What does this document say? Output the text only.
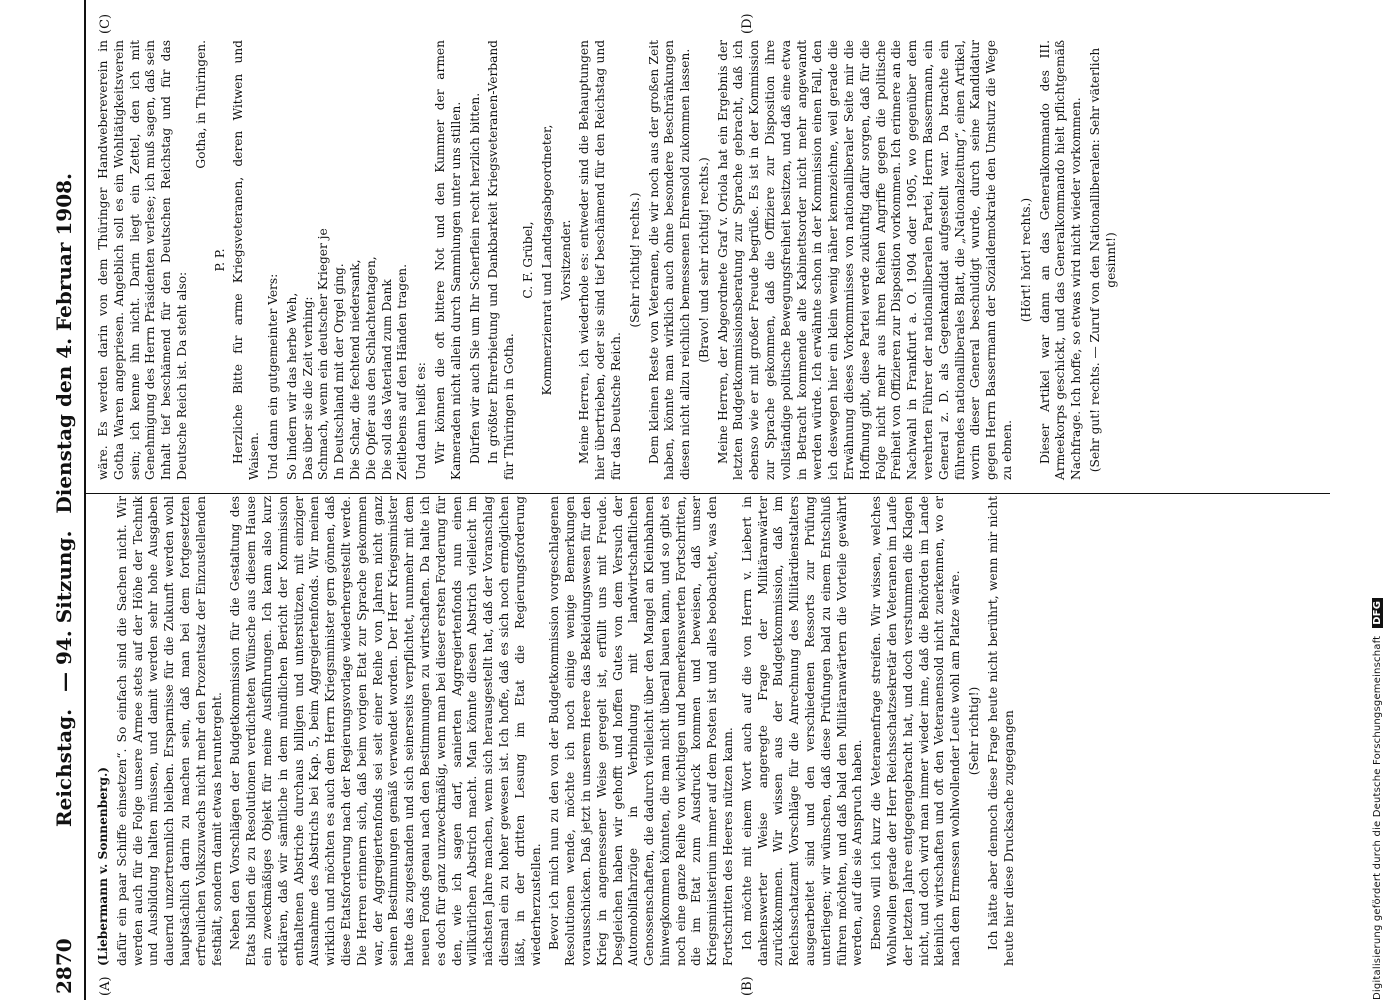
2870
Reichstag. — 94. Sitzung. Dienstag den 4. Februar 1908.
(A)	(B)
(C)	(D)

(Liebermann v. Sonnenberg.) dafür ein paar Schiffe einsetzen“. So einfach sind die Sachen nicht. Wir werden auch für die Folge unsere Armee stets auf der Höhe der Technik und Ausbildung halten müssen, und damit werden sehr hohe Ausgaben dauernd unzertrennlich bleiben. Ersparnisse für die Zukunft werden wohl hauptsächlich darin zu machen sein, daß man bei dem fortgesetzten erfreulichen Volkszuwachs nicht mehr den Prozentsatz der Einzustellenden festhält, sondern damit etwas heruntergeht. Neben den Vorschlägen der Budgetkommission für die Gestaltung des Etats bilden die zu Resolutionen verdichteten Wünsche aus diesem Hause ein zweckmäßiges Objekt für meine Ausführungen. Ich kann also kurz erklären, daß wir sämtliche in dem mündlichen Bericht der Kommission enthaltenen Abstriche durchaus billigen und unterstützen, mit einziger Ausnahme des Abstrichs bei Kap. 5, beim Aggregiertenfonds. Wir meinen wirklich und möchten es auch dem Herrn Kriegsminister gern gönnen, daß diese Etatsforderung nach der Regierungsvorlage wiederhergestellt werde. Die Herren erinnern sich, daß beim vorigen Etat zur Sprache gekommen war, der Aggregiertenfonds sei seit einer Reihe von Jahren nicht ganz seinen Bestimmungen gemäß verwendet worden. Der Herr Kriegsminister hatte das zugestanden und sich seinerseits verpflichtet, nunmehr mit dem neuen Fonds genau nach den Bestimmungen zu wirtschaften. Da halte ich es doch für ganz unzweckmäßig, wenn man bei dieser ersten Forderung für den, wie ich sagen darf, sanierten Aggregiertenfonds nun einen willkürlichen Abstrich macht. Man könnte diesen Abstrich vielleicht im nächsten Jahre machen, wenn sich herausgestellt hat, daß der Voranschlag diesmal ein zu hoher gewesen ist. Ich hoffe, daß es sich noch ermöglichen läßt, in der dritten Lesung im Etat die Regierungsforderung wiederherzustellen. Bevor ich mich nun zu den von der Budgetkommission vorgeschlagenen Resolutionen wende, möchte ich noch einige wenige Bemerkungen vorausschicken. Daß jetzt in unserem Heere das Bekleidungswesen für den Krieg in angemessener Weise geregelt ist, erfüllt uns mit Freude. Desgleichen haben wir gehofft und hoffen Gutes von dem Versuch der Automobilfahrzüge in Verbindung mit landwirtschaftlichen Genossenschaften, die dadurch vielleicht über den Mangel an Kleinbahnen hinwegkommen könnten, die man nicht überall bauen kann, und so gibt es noch eine ganze Reihe von wichtigen und bemerkenswerten Fortschritten, die im Etat zum Ausdruck kommen und beweisen, daß unser Kriegsministerium immer auf dem Posten ist und alles beobachtet, was den Fortschritten des Heeres nützen kann. Ich möchte mit einem Wort auch auf die von Herrn v. Liebert in dankenswerter Weise angeregte Frage der Militäranwärter zurückkommen. Wir wissen aus der Budgetkommission, daß im Reichsschatzamt Vorschläge für die Anrechnung des Militärdienstalters ausgearbeitet sind und den verschiedenen Ressorts zur Prüfung unterliegen; wir wünschen, daß diese Prüfungen bald zu einem Entschluß führen möchten, und daß bald den Militäranwärtern die Vorteile gewährt werden, auf die sie Anspruch haben. Ebenso will ich kurz die Veteranenfrage streifen. Wir wissen, welches Wohlwollen gerade der Herr Reichsschatzsekretär den Veteranen im Laufe der letzten Jahre entgegengebracht hat, und doch verstummen die Klagen nicht, und doch wird man immer wieder inne, daß die Behörden im Lande kleinlich wirtschaften und oft den Veteranensold nicht zuerkennen, wo er nach dem Ermessen wohlwollender Leute wohl am Platze wäre. (Sehr richtig!) Ich hätte aber dennoch diese Frage heute nicht berührt, wenn mir nicht heute hier diese Drucksache zugegangen

wäre. Es werden darin von dem Thüringer Handwebereverein in Gotha Waren angepriesen. Angeblich soll es ein Wohltätigkeitsverein sein; ich kenne ihn nicht. Darin liegt ein Zettel, den ich mit Genehmigung des Herrn Präsidenten verlese; ich muß sagen, daß sein Inhalt tief beschämend für den Deutschen Reichstag und für das Deutsche Reich ist. Da steht also:

Gotha, in Thüringen.

P. P. Herzliche Bitte für arme Kriegsveteranen, deren Witwen und Waisen. Und dann ein gutgemeinter Vers: So lindern wir das herbe Weh, Das über sie die Zeit verhing: Schmach, wenn ein deutscher Krieger je In Deutschland mit der Orgel ging. Die Schar, die fechtend niedersank, Die Opfer aus den Schlachtentagen, Die soll das Vaterland zum Dank Zeitlebens auf den Händen tragen. Und dann heißt es: Wir können die oft bittere Not und den Kummer der armen Kameraden nicht allein durch Sammlungen unter uns stillen. Dürfen wir auch Sie um Ihr Scherflein recht herzlich bitten. In größter Ehrerbietung und Dankbarkeit Kriegsveteranen-Verband für Thüringen in Gotha.

C. F. Grübel, Kommerzienrat und Landtagsabgeordneter, Vorsitzender. Meine Herren, ich wiederhole es: entweder sind die Behauptungen hier übertrieben, oder sie sind tief beschämend für den Reichstag und für das Deutsche Reich.

(Sehr richtig! rechts.) Dem kleinen Reste von Veteranen, die wir noch aus der großen Zeit haben, könnte man wirklich auch ohne besondere Beschränkungen diesen nicht allzu reichlich bemessenen Ehrensold zukommen lassen. (Bravo! und sehr richtig! rechts.) Meine Herren, der Abgeordnete Graf v. Oriola hat ein Ergebnis der letzten Budgetkommissionsberatung zur Sprache gebracht, daß ich ebenso wie er mit großer Freude begrüße. Es ist in der Kommission zur Sprache gekommen, daß die Offiziere zur Disposition ihre vollständige politische Bewegungsfreiheit besitzen, und daß eine etwa in Betracht kommende alte Kabinettsorder nicht mehr angewandt werden würde. Ich erwähnte schon in der Kommission einen Fall, den ich deswegen hier ein klein wenig näher kennzeichne, weil gerade die Erwähnung dieses Vorkommnisses von nationalliberaler Seite mir die Hoffnung gibt, diese Partei werde zukünftig dafür sorgen, daß für die Folge nicht mehr aus ihren Reihen Angriffe gegen die politische Freiheit von Offizieren zur Disposition vorkommen. Ich erinnere an die Nachwahl in Frankfurt a. O. 1904 oder 1905, wo gegenüber dem verehrten Führer der nationalliberalen Partei, Herrn Bassermann, ein General z. D. als Gegenkandidat aufgestellt war. Da brachte ein führendes nationalliberales Blatt, die „Nationalzeitung“, einen Artikel, worin dieser General beschuldigt wurde, durch seine Kandidatur gegen Herrn Bassermann der Sozialdemokratie den Umsturz die Wege zu ebnen.

(Hört! hört! rechts.) Dieser Artikel war dann an das Generalkommando des III. Armeekorps geschickt, und das Generalkommando hielt pflichtgemäß Nachfrage. Ich hoffe, so etwas wird nicht wieder vorkommen. (Sehr gut! rechts. — Zuruf von den Nationalliberalen: Sehr väterlich gesinnt!)

Digitalisierung gefördert durch die Deutsche ForschungsgemeinschaftDFG
